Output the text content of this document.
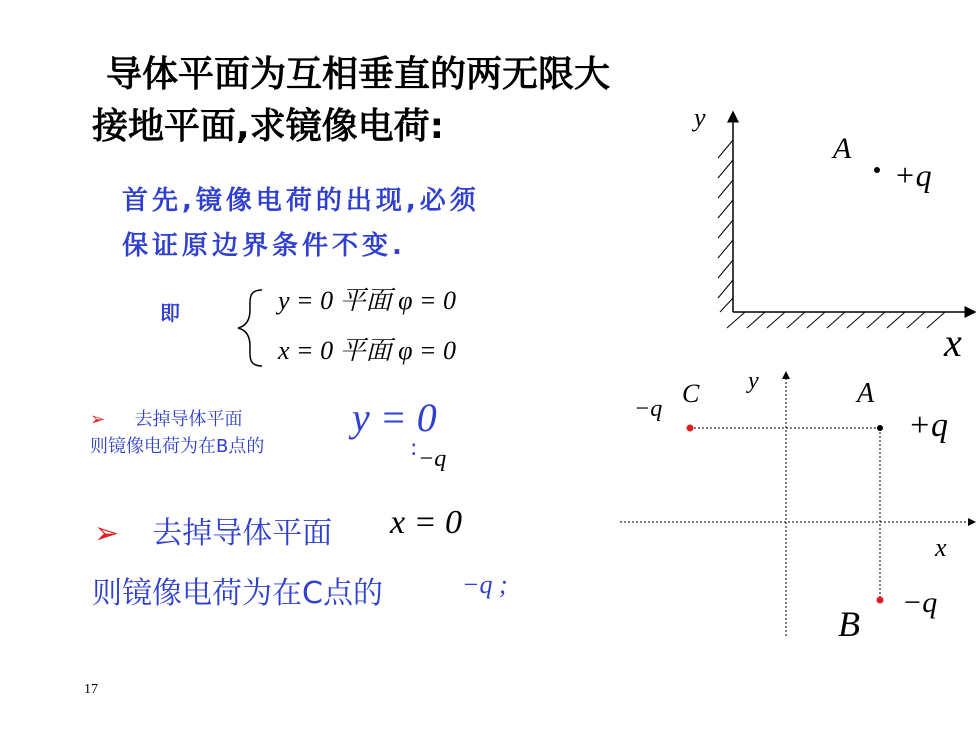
导体平面为互相垂直的两无限大
接地平面,求镜像电荷:
首先,镜像电荷的出现,必须
保证原边界条件不变.
即	y = 0 平面 φ = 0
x = 0 平面 φ = 0
➢ 去掉导体平面
则镜像电荷为在B点的
y = 0
: −q
➢ 去掉导体平面 x = 0
则镜像电荷为在C点的	−q ;
17
y
x
A
+q
y
x
−q
C	A
+q
B
−q
